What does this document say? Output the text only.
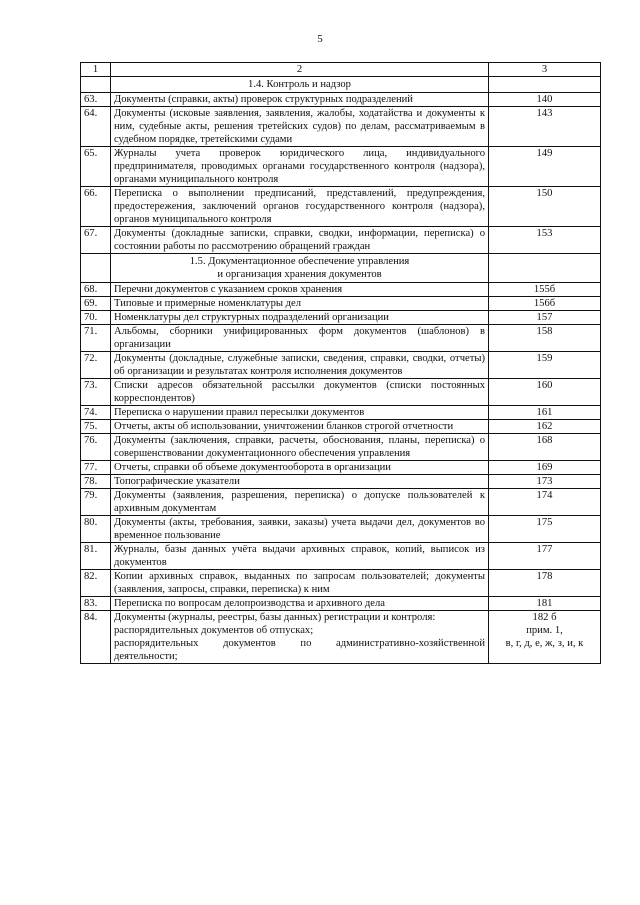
5
1	2	3

	1.4. Контроль и надзор	

63.	Документы (справки, акты) проверок структурных подразделений	140

64.	Документы (исковые заявления, заявления, жалобы, ходатайства и документы к ним, судебные акты, решения третейских судов) по делам, рассматриваемым в судебном порядке, третейскими судами	143

65.	Журналы учета проверок юридического лица, индивидуального предпринимателя, проводимых органами государственного контроля (надзора), органами муниципального контроля	149

66.	Переписка о выполнении предписаний, представлений, предупреждения, предостережения, заключений органов государственного контроля (надзора), органов муниципального контроля	150

67.	Документы (докладные записки, справки, сводки, информации, переписка) о состоянии работы по рассмотрению обращений граждан	153

	1.5. Документационное обеспечение управления
и организация хранения документов	

68.	Перечни документов с указанием сроков хранения	155б

69.	Типовые и примерные номенклатуры дел	156б

70.	Номенклатуры дел структурных подразделений организации	157

71.	Альбомы, сборники унифицированных форм документов (шаблонов) в организации	158

72.	Документы (докладные, служебные записки, сведения, справки, сводки, отчеты) об организации и результатах контроля исполнения документов	159

73.	Списки адресов обязательной рассылки документов (списки постоянных корреспондентов)	160

74.	Переписка о нарушении правил пересылки документов	161

75.	Отчеты, акты об использовании, уничтожении бланков строгой отчетности	162

76.	Документы (заключения, справки, расчеты, обоснования, планы, переписка) о совершенствовании документационного обеспечения управления	168

77.	Отчеты, справки об объеме документооборота в организации	169

78.	Топографические указатели	173

79.	Документы (заявления, разрешения, переписка) о допуске пользователей к архивным документам	174

80.	Документы (акты, требования, заявки, заказы) учета выдачи дел, документов во временное пользование	175

81.	Журналы, базы данных учёта выдачи архивных справок, копий, выписок из документов	177

82.	Копии архивных справок, выданных по запросам пользователей; документы (заявления, запросы, справки, переписка) к ним	178

83.	Переписка по вопросам делопроизводства и архивного дела	181

84.	Документы (журналы, реестры, базы данных) регистрации и контроля:
распорядительных документов об отпусках;
распорядительных документов по административно-хозяйственной деятельности;	182 б
прим. 1,
в, г, д, е, ж, з, и, к
